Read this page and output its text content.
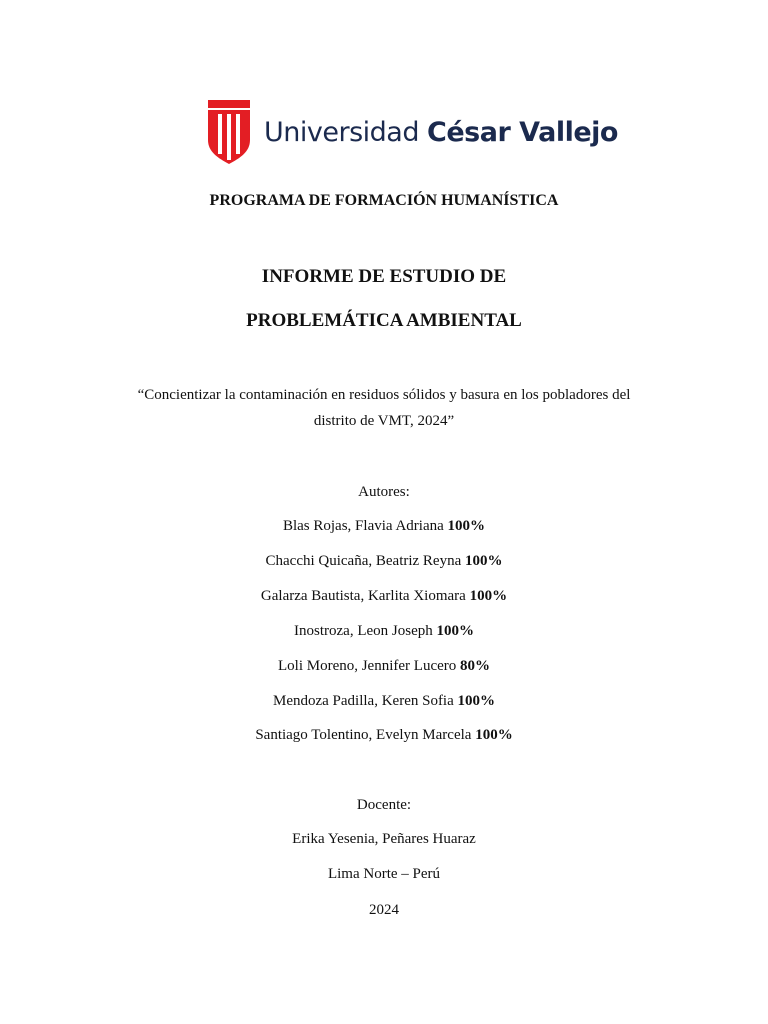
Universidad César Vallejo
PROGRAMA DE FORMACIÓN HUMANÍSTICA
INFORME DE ESTUDIO DE
PROBLEMÁTICA AMBIENTAL
“Concientizar la contaminación en residuos sólidos y basura en los pobladores del
distrito de VMT, 2024”
Autores:
Blas Rojas, Flavia Adriana 100%
Chacchi Quicaña, Beatriz Reyna 100%
Galarza Bautista, Karlita Xiomara 100%
Inostroza, Leon Joseph 100%
Loli Moreno, Jennifer Lucero 80%
Mendoza Padilla, Keren Sofia 100%
Santiago Tolentino, Evelyn Marcela 100%
Docente:
Erika Yesenia, Peñares Huaraz
Lima Norte – Perú
2024
